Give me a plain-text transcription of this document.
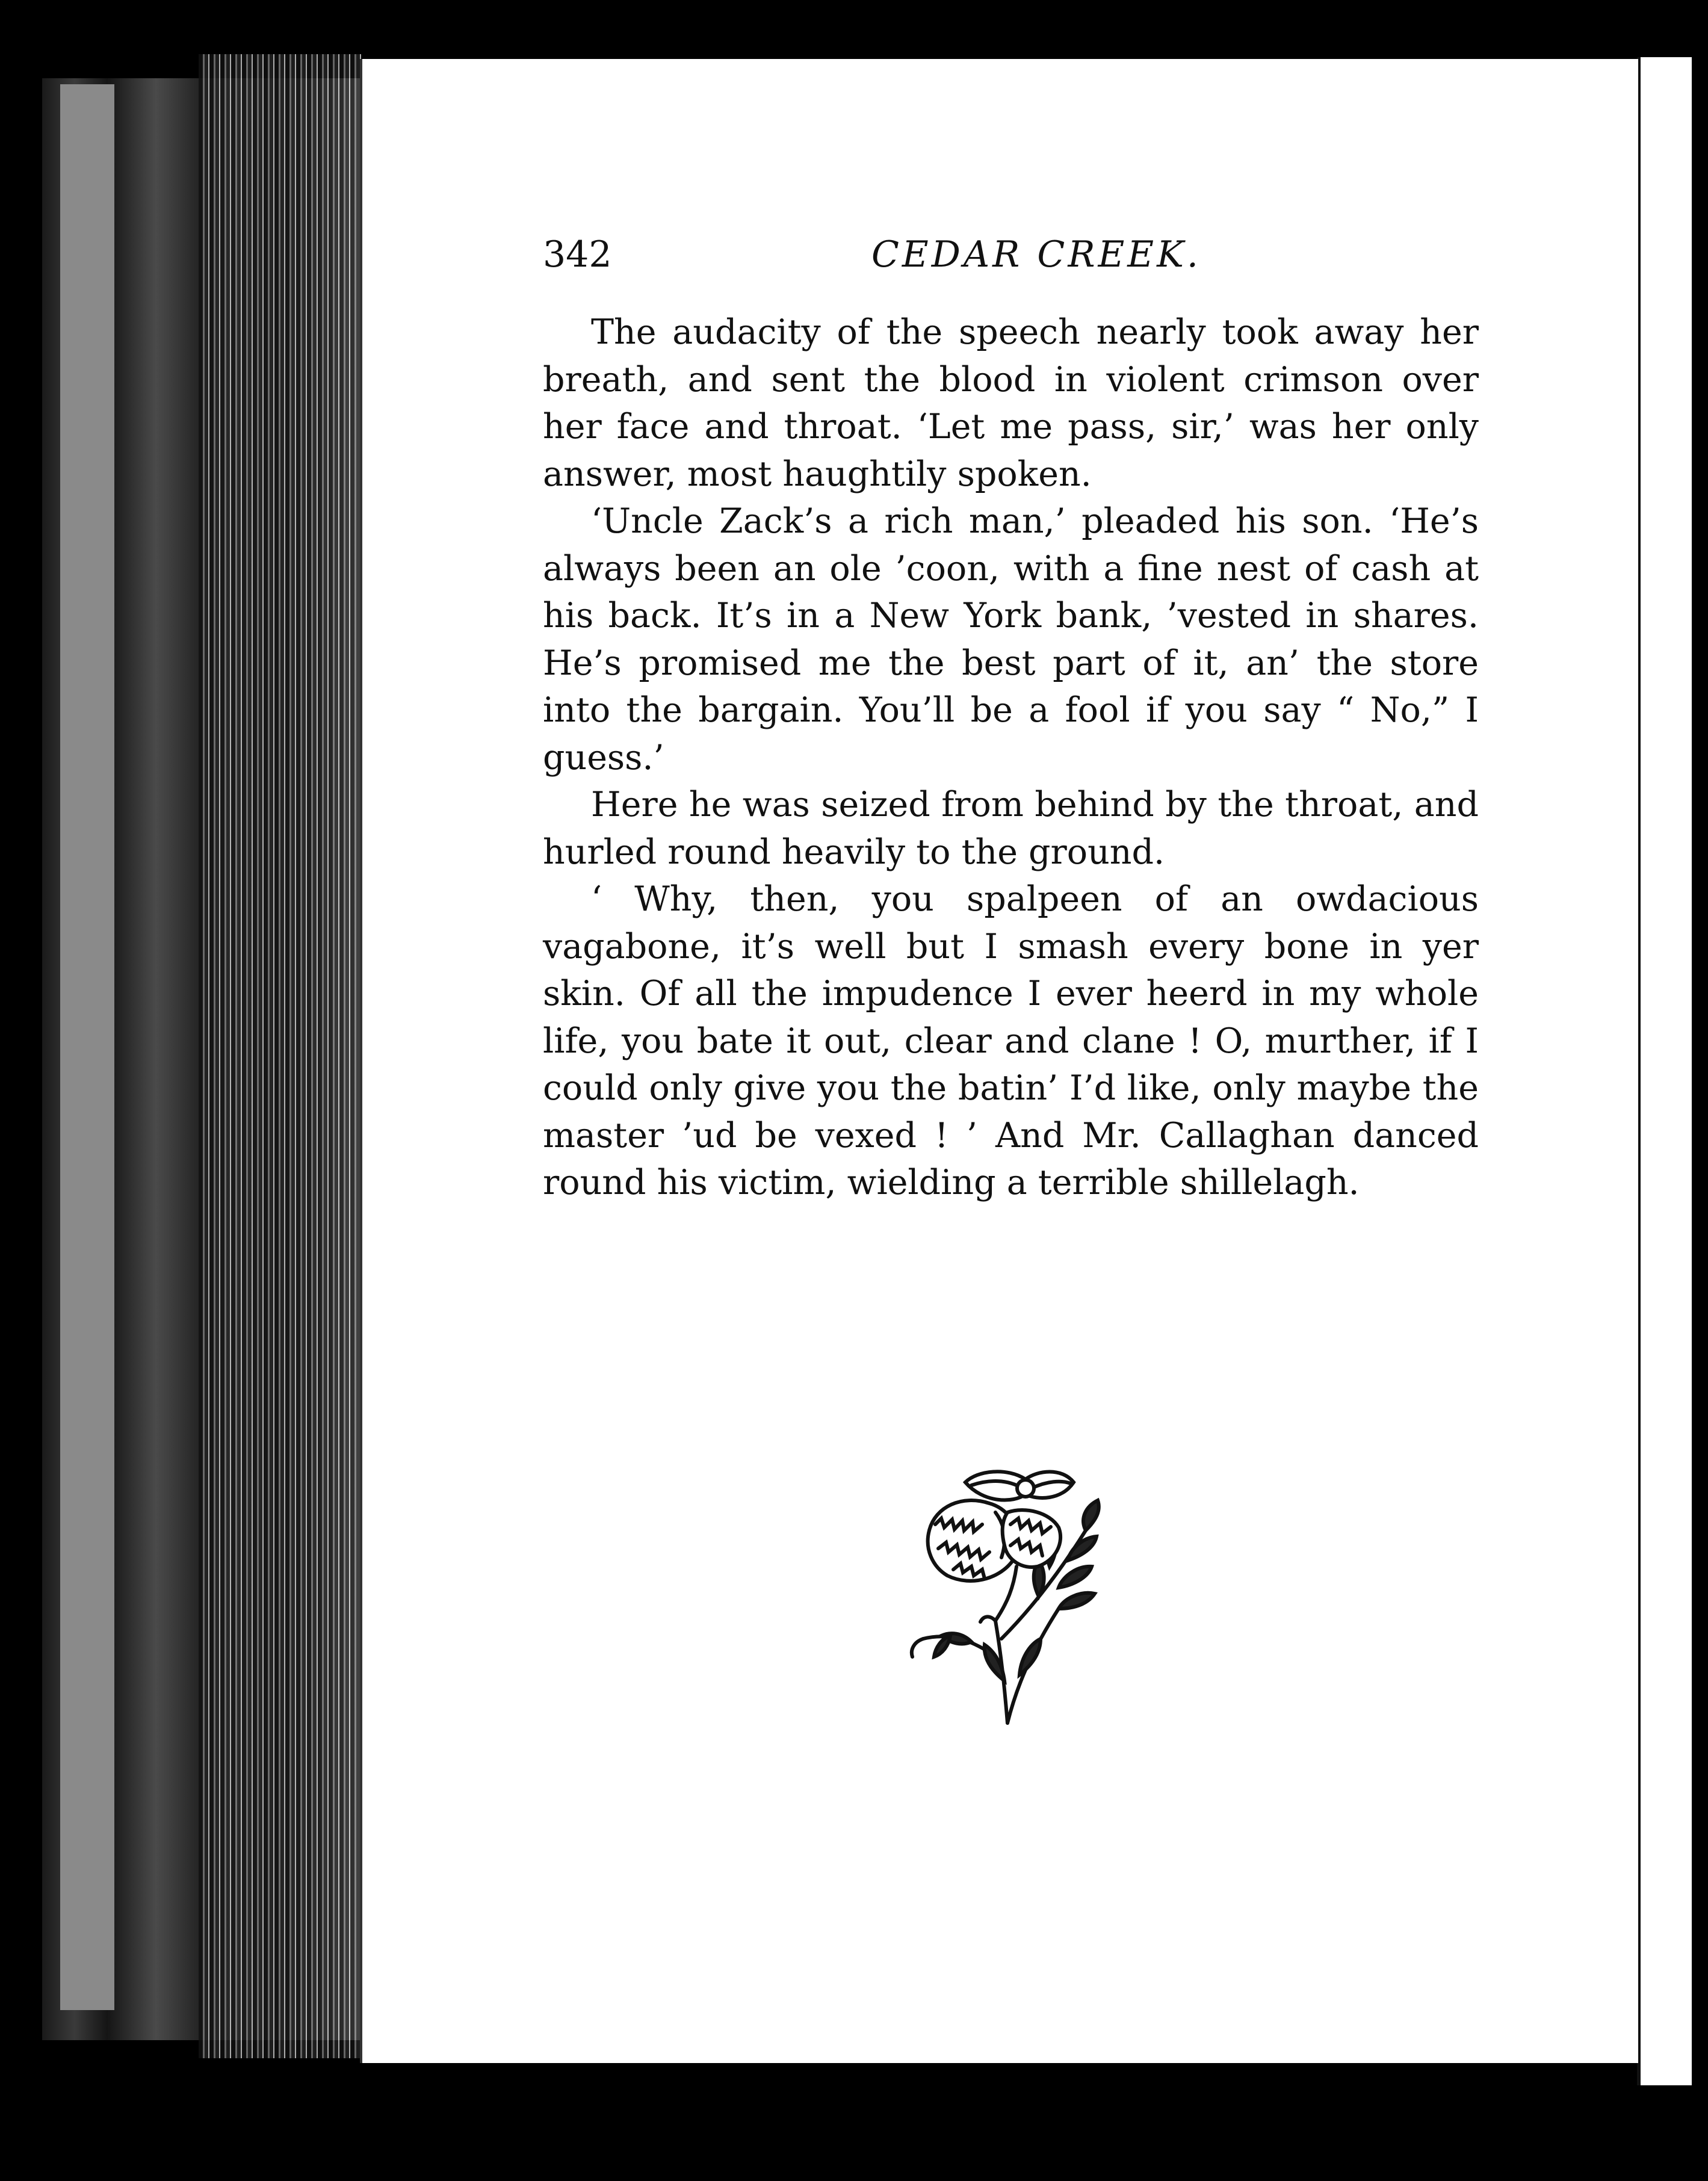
342	CEDAR CREEK.

The audacity of the speech nearly took away her breath, and sent the blood in violent crimson over her face and throat. ‘Let me pass, sir,’ was her only answer, most haughtily spoken.

‘Uncle Zack’s a rich man,’ pleaded his son. ‘He’s always been an ole ’coon, with a fine nest of cash at his back. It’s in a New York bank, ’vested in shares. He’s promised me the best part of it, an’ the store into the bargain. You’ll be a fool if you say “ No,” I guess.’

Here he was seized from behind by the throat, and hurled round heavily to the ground.

‘ Why, then, you spalpeen of an owdacious vagabone, it’s well but I smash every bone in yer skin. Of all the impudence I ever heerd in my whole life, you bate it out, clear and clane ! O, murther, if I could only give you the batin’ I’d like, only maybe the master ’ud be vexed ! ’ And Mr. Callaghan danced round his victim, wielding a terrible shillelagh.
